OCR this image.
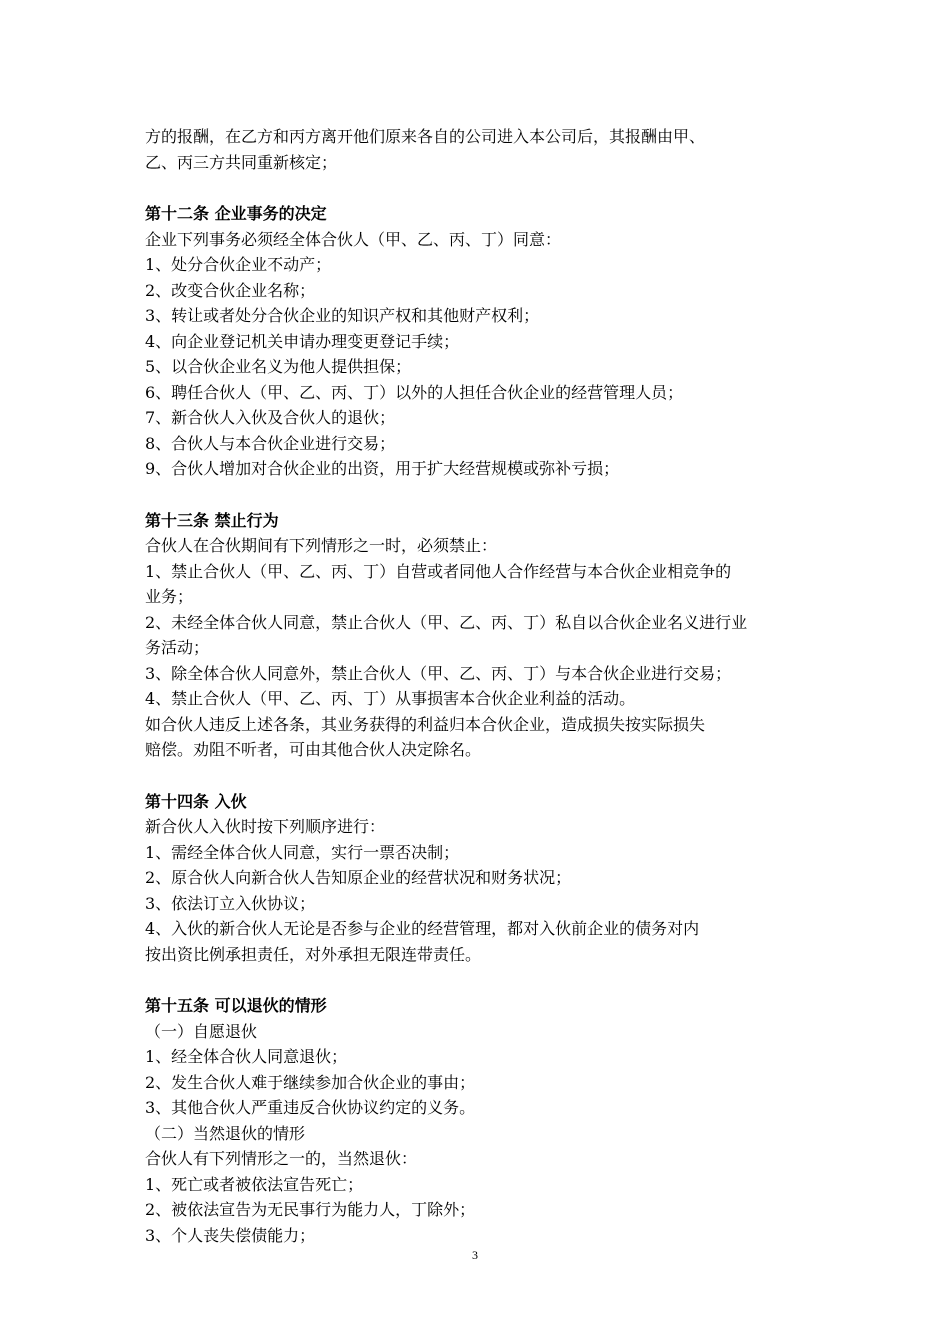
方的报酬，在乙方和丙方离开他们原来各自的公司进入本公司后，其报酬由甲、

乙、丙三方共同重新核定；

第十二条 企业事务的决定

企业下列事务必须经全体合伙人（甲、乙、丙、丁）同意：

1、处分合伙企业不动产；

2、改变合伙企业名称；

3、转让或者处分合伙企业的知识产权和其他财产权利；

4、向企业登记机关申请办理变更登记手续；

5、以合伙企业名义为他人提供担保；

6、聘任合伙人（甲、乙、丙、丁）以外的人担任合伙企业的经营管理人员；

7、新合伙人入伙及合伙人的退伙；

8、合伙人与本合伙企业进行交易；

9、合伙人增加对合伙企业的出资，用于扩大经营规模或弥补亏损；

第十三条 禁止行为

合伙人在合伙期间有下列情形之一时，必须禁止：

1、禁止合伙人（甲、乙、丙、丁）自营或者同他人合作经营与本合伙企业相竞争的

业务；

2、未经全体合伙人同意，禁止合伙人（甲、乙、丙、丁）私自以合伙企业名义进行业

务活动；

3、除全体合伙人同意外，禁止合伙人（甲、乙、丙、丁）与本合伙企业进行交易；

4、禁止合伙人（甲、乙、丙、丁）从事损害本合伙企业利益的活动。

如合伙人违反上述各条，其业务获得的利益归本合伙企业，造成损失按实际损失

赔偿。劝阻不听者，可由其他合伙人决定除名。

第十四条 入伙

新合伙人入伙时按下列顺序进行：

1、需经全体合伙人同意，实行一票否决制；

2、原合伙人向新合伙人告知原企业的经营状况和财务状况；

3、依法订立入伙协议；

4、入伙的新合伙人无论是否参与企业的经营管理，都对入伙前企业的债务对内

按出资比例承担责任，对外承担无限连带责任。

第十五条 可以退伙的情形

（一）自愿退伙

1、经全体合伙人同意退伙；

2、发生合伙人难于继续参加合伙企业的事由；

3、其他合伙人严重违反合伙协议约定的义务。

（二）当然退伙的情形

合伙人有下列情形之一的，当然退伙：

1、死亡或者被依法宣告死亡；

2、被依法宣告为无民事行为能力人，丁除外；

3、个人丧失偿债能力；

3
